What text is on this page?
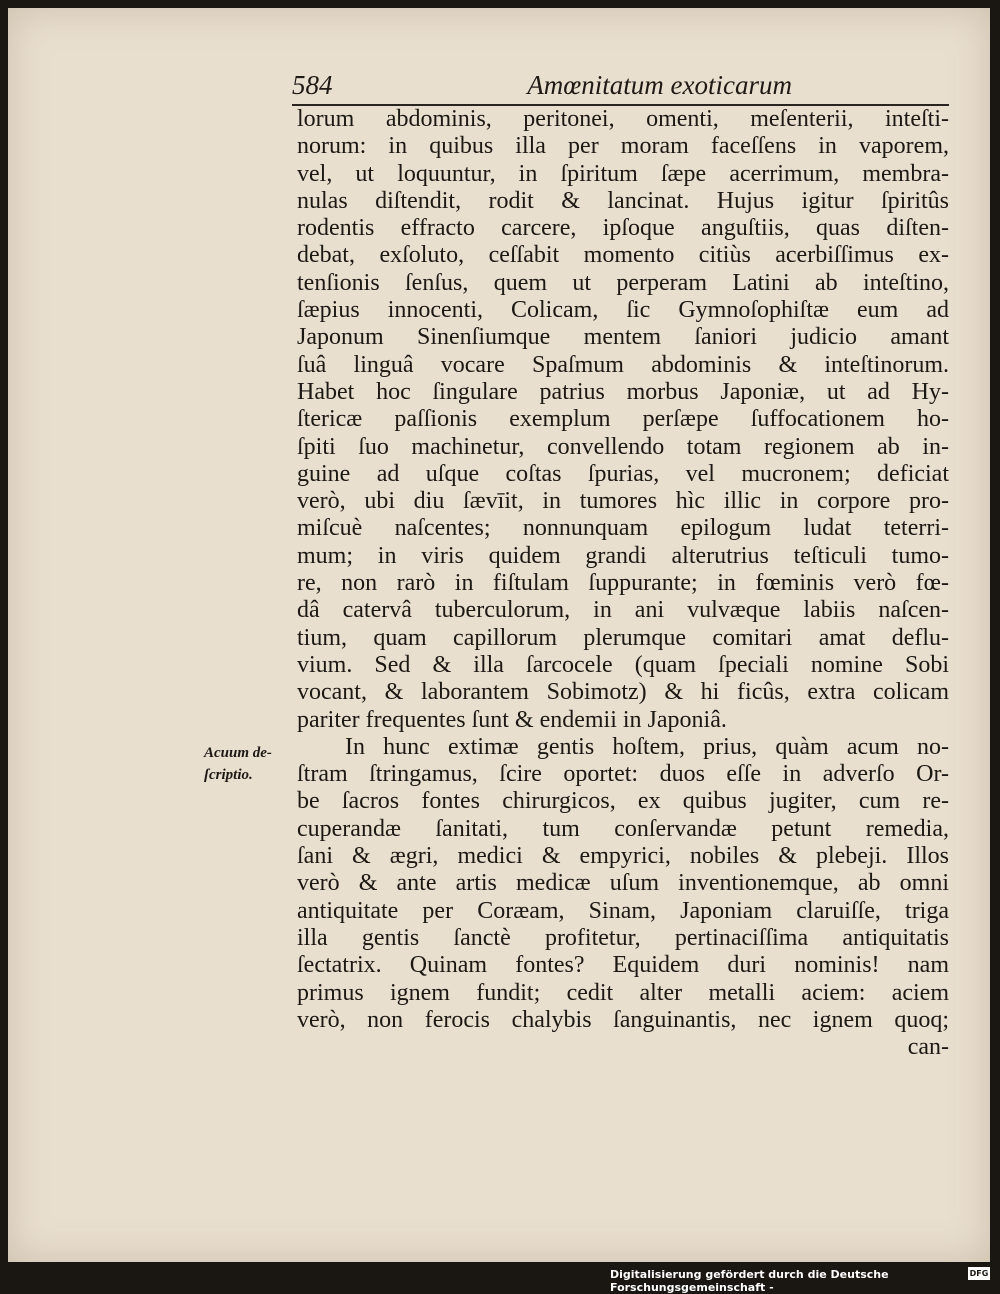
584	Amœnitatum exoticarum
Acuum de-
ſcriptio.
lorum abdominis, peritonei, omenti, meſenterii, inteſti-
norum: in quibus illa per moram faceſſens in vaporem,
vel, ut loquuntur, in ſpiritum ſæpe acerrimum, membra-
nulas diſtendit, rodit & lancinat. Hujus igitur ſpiritûs
rodentis effracto carcere, ipſoque anguſtiis, quas diſten-
debat, exſoluto, ceſſabit momento citiùs acerbiſſimus ex-
tenſionis ſenſus, quem ut perperam Latini ab inteſtino,
ſæpius innocenti, Colicam, ſic Gymnoſophiſtæ eum ad
Japonum Sinenſiumque mentem ſaniori judicio amant
ſuâ linguâ vocare Spaſmum abdominis & inteſtinorum.
Habet hoc ſingulare patrius morbus Japoniæ, ut ad Hy-
ſtericæ paſſionis exemplum perſæpe ſuffocationem ho-
ſpiti ſuo machinetur, convellendo totam regionem ab in-
guine ad uſque coſtas ſpurias, vel mucronem; deficiat
verò, ubi diu ſævīit, in tumores hìc illic in corpore pro-
miſcuè naſcentes; nonnunquam epilogum ludat teterri-
mum; in viris quidem grandi alterutrius teſticuli tumo-
re, non rarò in fiſtulam ſuppurante; in fœminis verò fœ-
dâ catervâ tuberculorum, in ani vulvæque labiis naſcen-
tium, quam capillorum plerumque comitari amat deflu-
vium. Sed & illa ſarcocele (quam ſpeciali nomine Sobi
vocant, & laborantem Sobimotz) & hi ficûs, extra colicam
pariter frequentes ſunt & endemii in Japoniâ.
In hunc extimæ gentis hoſtem, prius, quàm acum no-
ſtram ſtringamus, ſcire oportet: duos eſſe in adverſo Or-
be ſacros fontes chirurgicos, ex quibus jugiter, cum re-
cuperandæ ſanitati, tum conſervandæ petunt remedia,
ſani & ægri, medici & empyrici, nobiles & plebeji. Illos
verò & ante artis medicæ uſum inventionemque, ab omni
antiquitate per Coræam, Sinam, Japoniam claruiſſe, triga
illa gentis ſanctè profitetur, pertinaciſſima antiquitatis
ſectatrix. Quinam fontes? Equidem duri nominis! nam
primus ignem fundit; cedit alter metalli aciem: aciem
verò, non ferocis chalybis ſanguinantis, nec ignem quoq;
can-
Digitalisierung gefördert durch die Deutsche Forschungsgemeinschaft -
DFG
